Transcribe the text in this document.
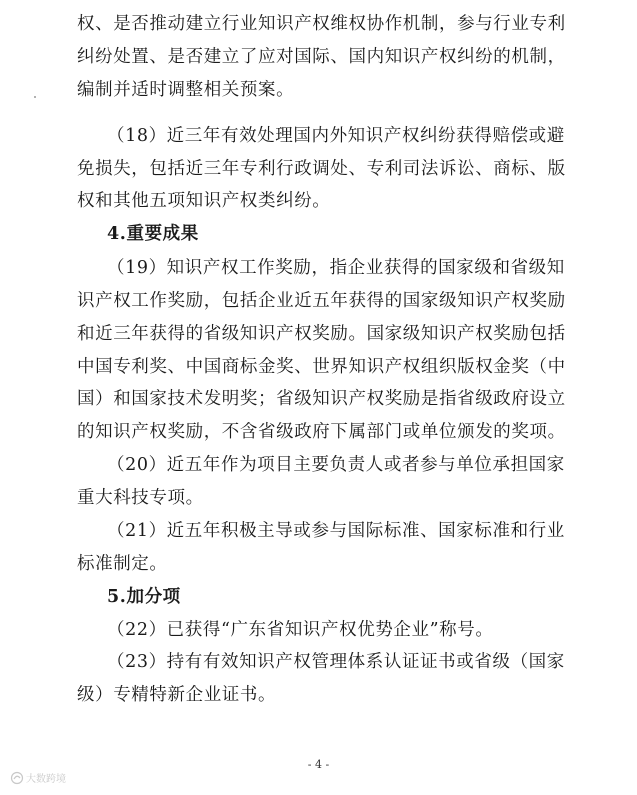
权、是否推动建立行业知识产权维权协作机制，参与行业专利
纠纷处置、是否建立了应对国际、国内知识产权纠纷的机制，
编制并适时调整相关预案。
（18）近三年有效处理国内外知识产权纠纷获得赔偿或避
免损失，包括近三年专利行政调处、专利司法诉讼、商标、版
权和其他五项知识产权类纠纷。
4.重要成果
（19）知识产权工作奖励，指企业获得的国家级和省级知
识产权工作奖励，包括企业近五年获得的国家级知识产权奖励
和近三年获得的省级知识产权奖励。国家级知识产权奖励包括
中国专利奖、中国商标金奖、世界知识产权组织版权金奖（中
国）和国家技术发明奖；省级知识产权奖励是指省级政府设立
的知识产权奖励，不含省级政府下属部门或单位颁发的奖项。
（20）近五年作为项目主要负责人或者参与单位承担国家
重大科技专项。
（21）近五年积极主导或参与国际标准、国家标准和行业
标准制定。
5.加分项
（22）已获得“广东省知识产权优势企业”称号。
（23）持有有效知识产权管理体系认证证书或省级（国家
级）专精特新企业证书。
- 4 -
大数跨境
